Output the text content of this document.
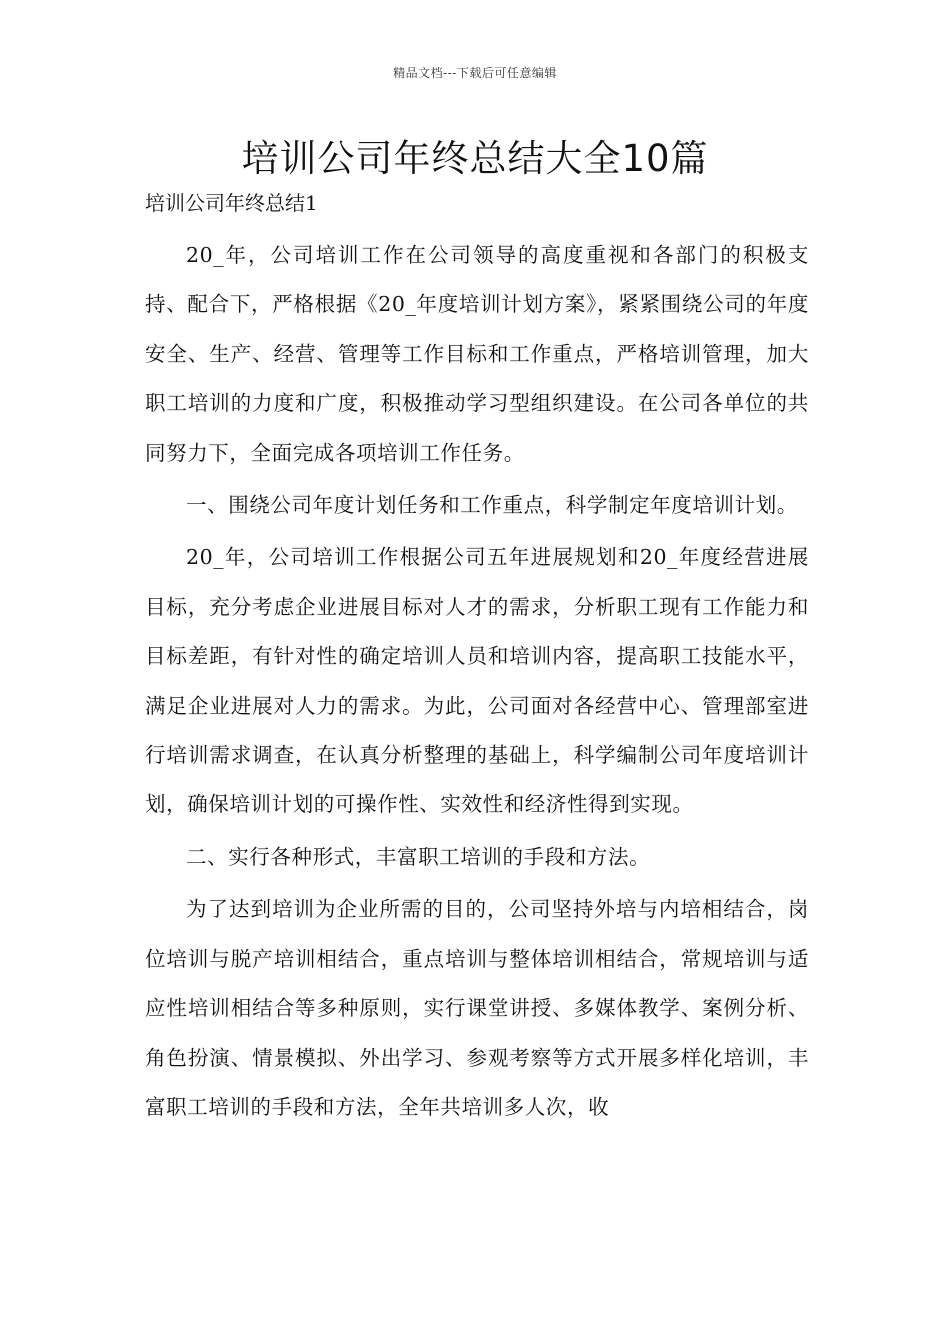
精品文档---下载后可任意编辑
培训公司年终总结大全10篇

培训公司年终总结1

20_年，公司培训工作在公司领导的高度重视和各部门的积极支持、配合下，严格根据《20_年度培训计划方案》，紧紧围绕公司的年度安全、生产、经营、管理等工作目标和工作重点，严格培训管理，加大职工培训的力度和广度，积极推动学习型组织建设。在公司各单位的共同努力下，全面完成各项培训工作任务。

一、围绕公司年度计划任务和工作重点，科学制定年度培训计划。

20_年，公司培训工作根据公司五年进展规划和20_年度经营进展目标，充分考虑企业进展目标对人才的需求，分析职工现有工作能力和目标差距，有针对性的确定培训人员和培训内容，提高职工技能水平，满足企业进展对人力的需求。为此，公司面对各经营中心、管理部室进行培训需求调查，在认真分析整理的基础上，科学编制公司年度培训计划，确保培训计划的可操作性、实效性和经济性得到实现。

二、实行各种形式，丰富职工培训的手段和方法。

为了达到培训为企业所需的目的，公司坚持外培与内培相结合，岗位培训与脱产培训相结合，重点培训与整体培训相结合，常规培训与适应性培训相结合等多种原则，实行课堂讲授、多媒体教学、案例分析、角色扮演、情景模拟、外出学习、参观考察等方式开展多样化培训，丰富职工培训的手段和方法，全年共培训多人次，收
